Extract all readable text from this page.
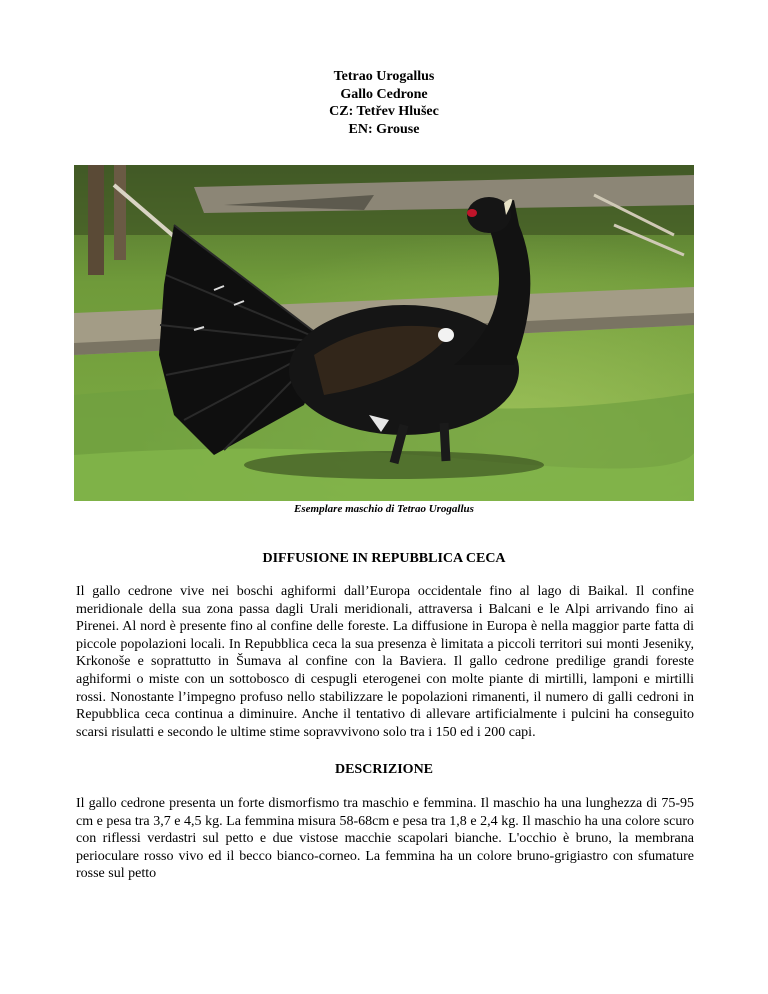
Tetrao Urogallus
Gallo Cedrone
CZ: Tetřev Hlušec
EN: Grouse
Esemplare maschio di Tetrao Urogallus
DIFFUSIONE IN REPUBBLICA CECA

Il gallo cedrone vive nei boschi aghiformi dall’Europa occidentale fino al lago di Baikal. Il confine meridionale della sua zona passa dagli Urali meridionali, attraversa i Balcani e le Alpi arrivando fino ai Pirenei. Al nord è presente fino al confine delle foreste. La diffusione in Europa è nella maggior parte fatta di piccole popolazioni locali. In Repubblica ceca la sua presenza è limitata a piccoli territori sui monti Jeseniky, Krkonoše e soprattutto in Šumava al confine con la Baviera. Il gallo cedrone predilige grandi foreste aghiformi o miste con un sottobosco di cespugli eterogenei con molte piante di mirtilli, lamponi e mirtilli rossi. Nonostante l’impegno profuso nello stabilizzare le popolazioni rimanenti, il numero di galli cedroni in Repubblica ceca continua a diminuire. Anche il tentativo di allevare artificialmente i pulcini ha conseguito scarsi risulatti e secondo le ultime stime sopravvivono solo tra i 150 ed i 200 capi.

DESCRIZIONE

Il gallo cedrone presenta un forte dismorfismo tra maschio e femmina. Il maschio ha una lunghezza di 75-95 cm e pesa tra 3,7 e 4,5 kg. La femmina misura 58-68cm e pesa tra 1,8 e 2,4 kg. Il maschio ha una colore scuro con riflessi verdastri sul petto e due vistose macchie scapolari bianche. L'occhio è bruno, la membrana perioculare rosso vivo ed il becco bianco-corneo. La femmina ha un colore bruno-grigiastro con sfumature rosse sul petto
